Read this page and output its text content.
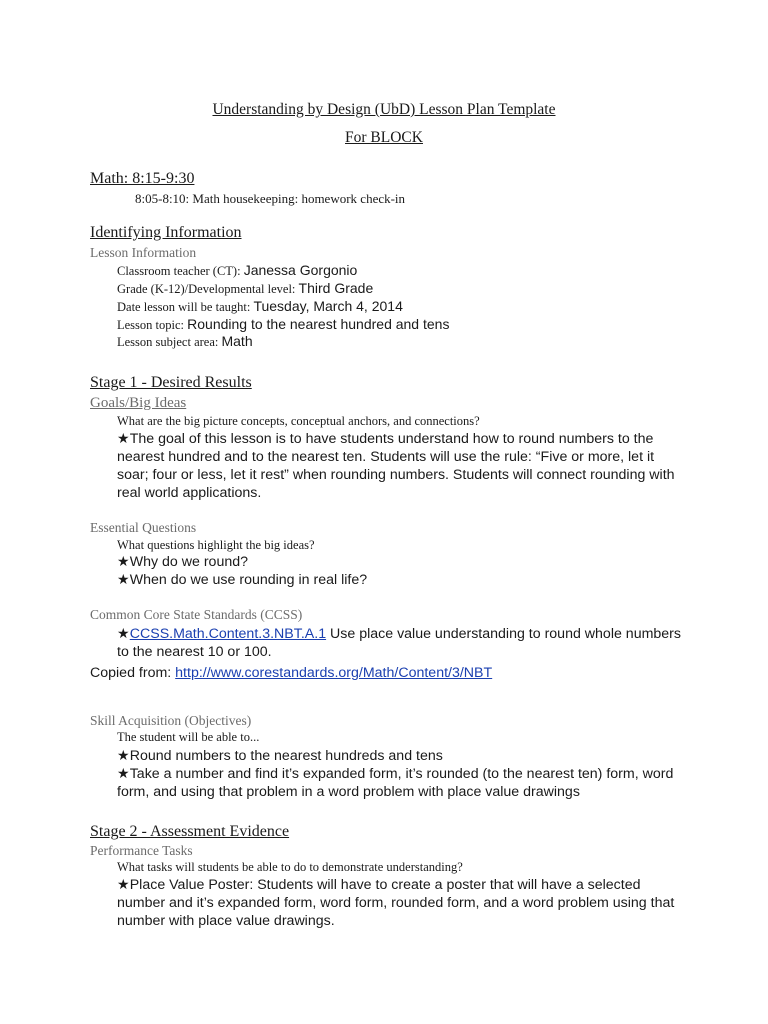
Understanding by Design (UbD) Lesson Plan Template
For BLOCK
Math: 8:15-9:30
8:05-8:10: Math housekeeping: homework check-in
Identifying Information
Lesson Information
Classroom teacher (CT): Janessa Gorgonio
Grade (K-12)/Developmental level: Third Grade
Date lesson will be taught: Tuesday, March 4, 2014
Lesson topic: Rounding to the nearest hundred and tens
Lesson subject area: Math
Stage 1 - Desired Results
Goals/Big Ideas
What are the big picture concepts, conceptual anchors, and connections?
★The goal of this lesson is to have students understand how to round numbers to the nearest hundred and to the nearest ten. Students will use the rule: “Five or more, let it soar; four or less, let it rest” when rounding numbers. Students will connect rounding with real world applications.
Essential Questions
What questions highlight the big ideas?
★Why do we round?
★When do we use rounding in real life?
Common Core State Standards (CCSS)
★CCSS.Math.Content.3.NBT.A.1 Use place value understanding to round whole numbers to the nearest 10 or 100.
Copied from: http://www.corestandards.org/Math/Content/3/NBT
Skill Acquisition (Objectives)
The student will be able to...
★Round numbers to the nearest hundreds and tens
★Take a number and find it’s expanded form, it’s rounded (to the nearest ten) form, word form, and using that problem in a word problem with place value drawings
Stage 2 - Assessment Evidence
Performance Tasks
What tasks will students be able to do to demonstrate understanding?
★Place Value Poster: Students will have to create a poster that will have a selected number and it’s expanded form, word form, rounded form, and a word problem using that number with place value drawings.
